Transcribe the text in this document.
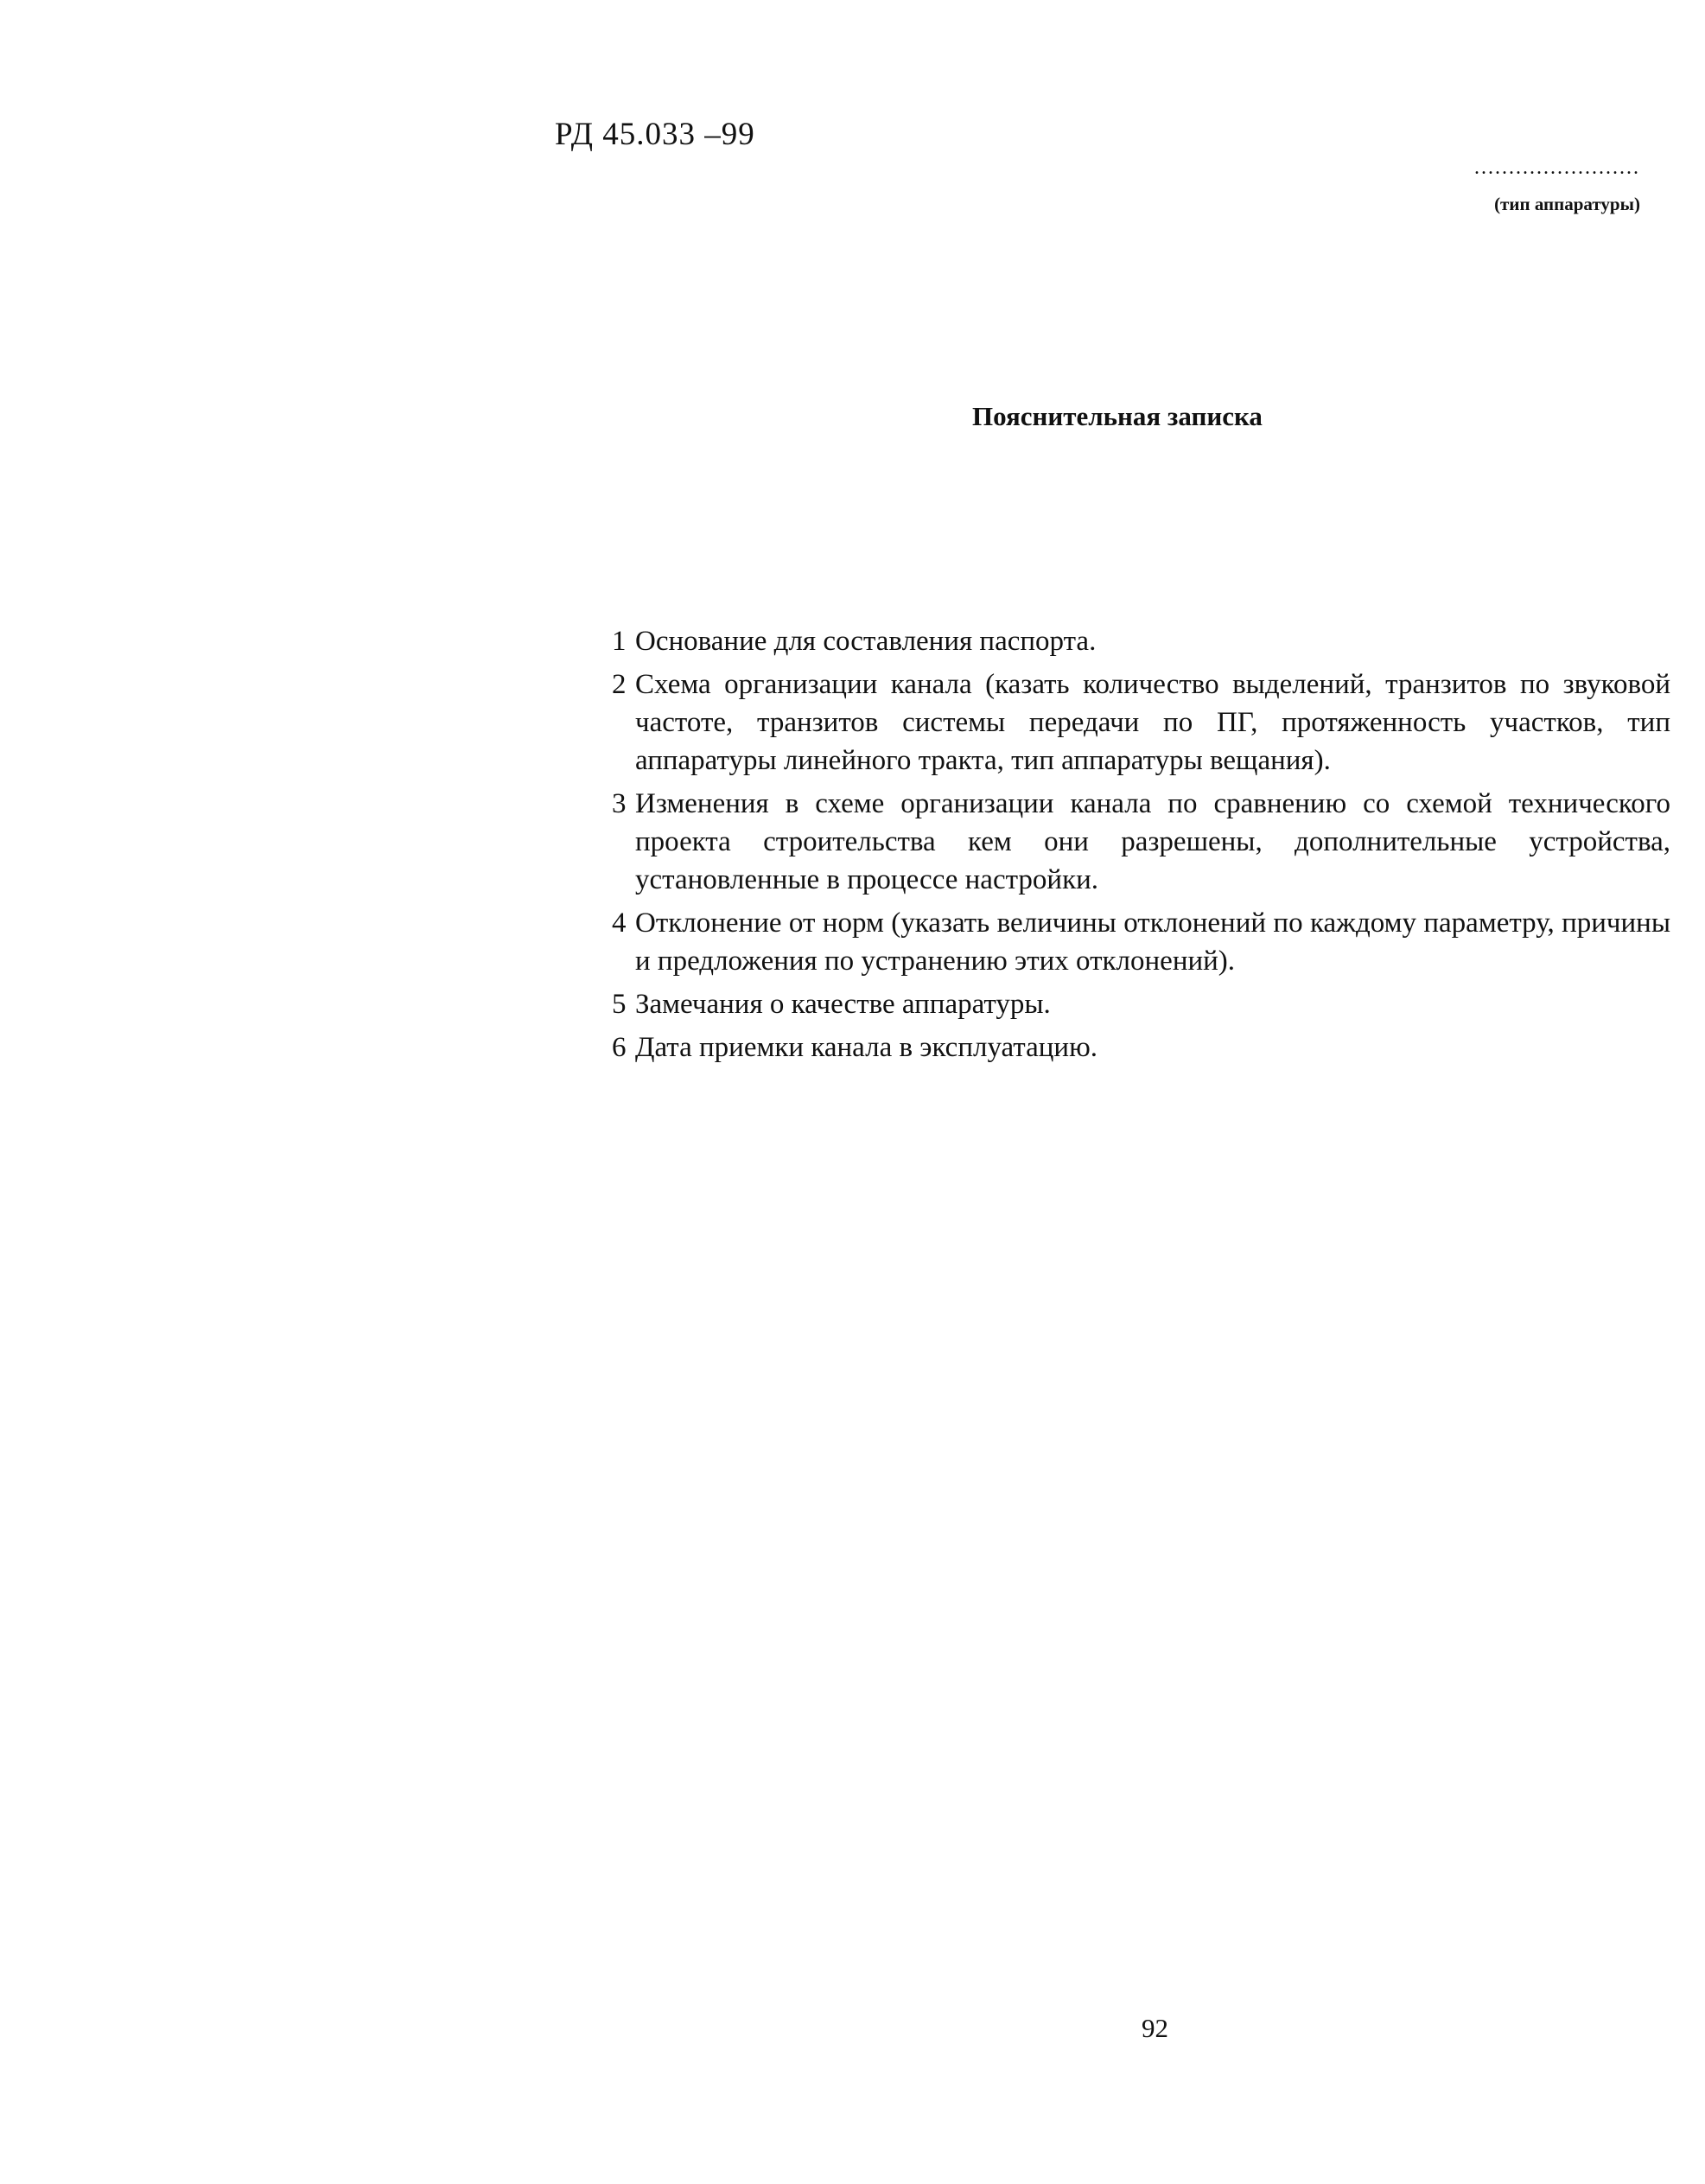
РД 45.033 –99
........................
(тип аппаратуры)
Пояснительная записка
1 Основание для составления паспорта.
2 Схема организации канала (казать количество выделений, транзитов по звуковой частоте, транзитов системы передачи по ПГ, протяженность участков, тип аппаратуры линейного тракта, тип аппаратуры вещания).
3 Изменения в схеме организации канала по сравнению со схемой технического проекта строительства кем они разрешены, дополнительные устройства, установленные в процессе настройки.
4 Отклонение от норм (указать величины отклонений по каждому параметру, причины и предложения по устранению этих отклонений).
5 Замечания о качестве аппаратуры.
6 Дата приемки канала в эксплуатацию.
92
